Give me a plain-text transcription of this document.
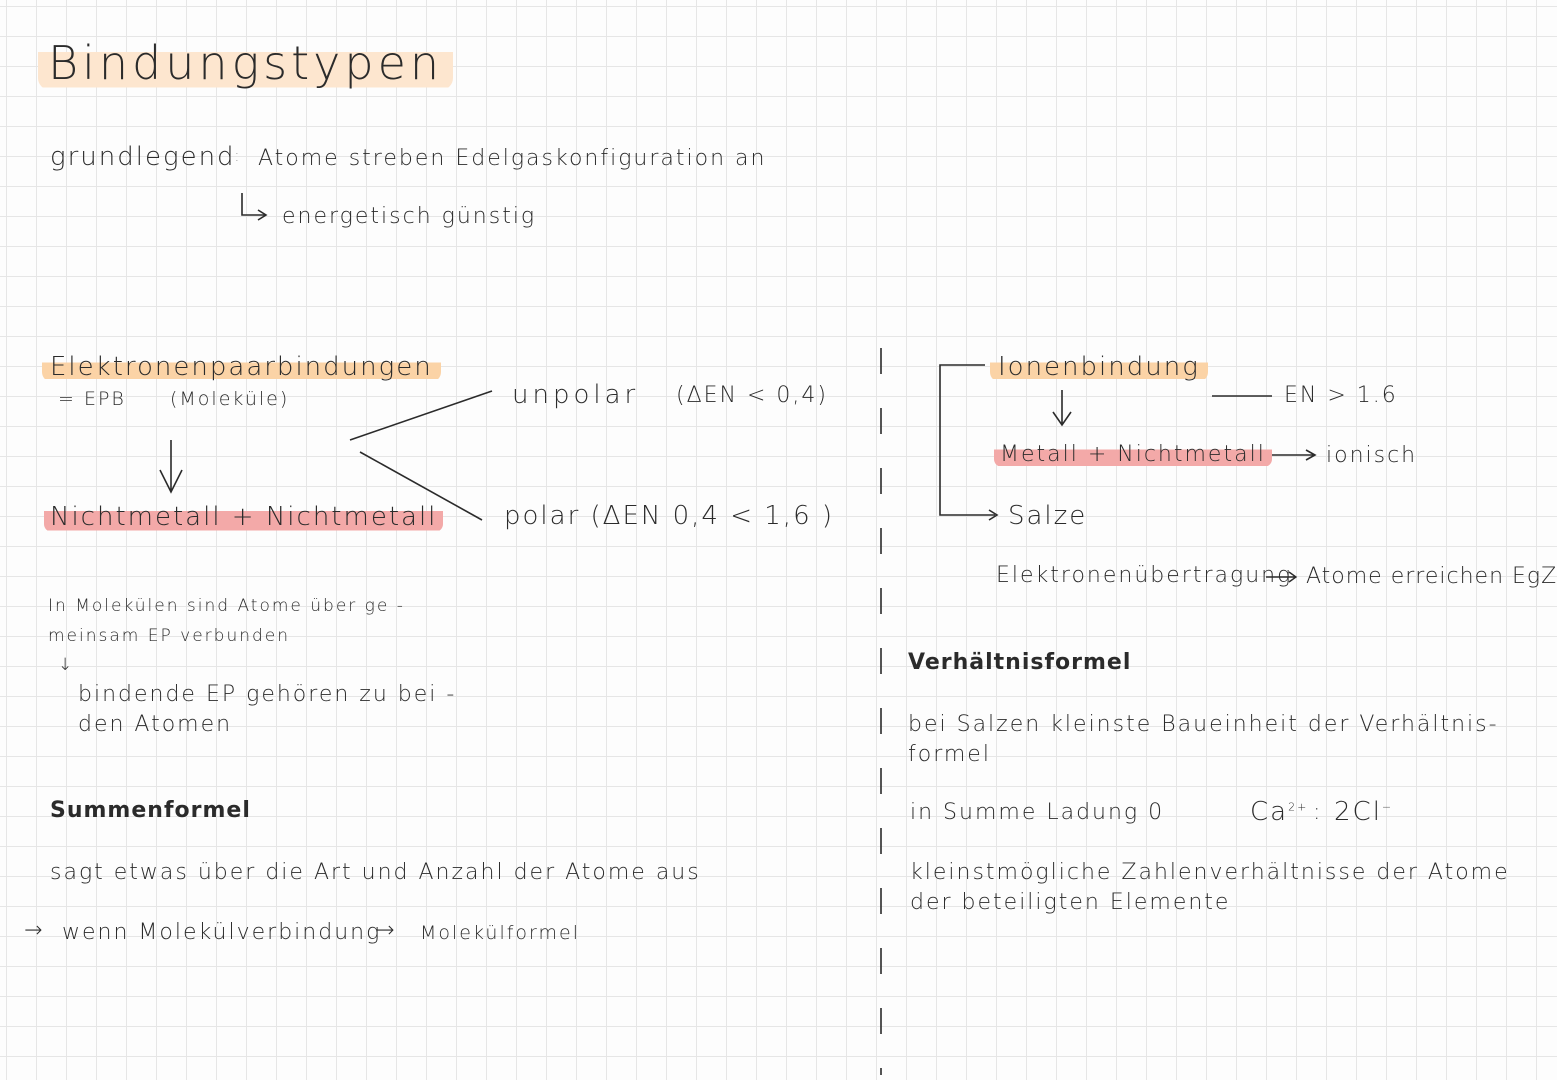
Bindungstypen
grundlegend
: Atome streben Edelgaskonfiguration an
energetisch günstig
Elektronenpaarbindungen
= EPB (Moleküle)
Nichtmetall + Nichtmetall
unpolar (ΔEN < 0,4)
polar (ΔEN 0,4 < 1,6 )
In Molekülen sind Atome über ge -
meinsam EP verbunden
↓
bindende EP gehören zu bei -
den Atomen
Summenformel
sagt etwas über die Art und Anzahl der Atome aus
→ wenn Molekülverbindung
→ Molekülformel
Ionenbindung
EN > 1.6
Metall + Nichtmetall	ionisch
Salze
Elektronenübertragung Atome erreichen EgZ
Verhältnisformel
bei Salzen kleinste Baueinheit der Verhältnis-
formel
in Summe Ladung 0	$Ca^{2+}$ : 2Cl−
kleinstmögliche Zahlenverhältnisse der Atome
der beteiligten Elemente
